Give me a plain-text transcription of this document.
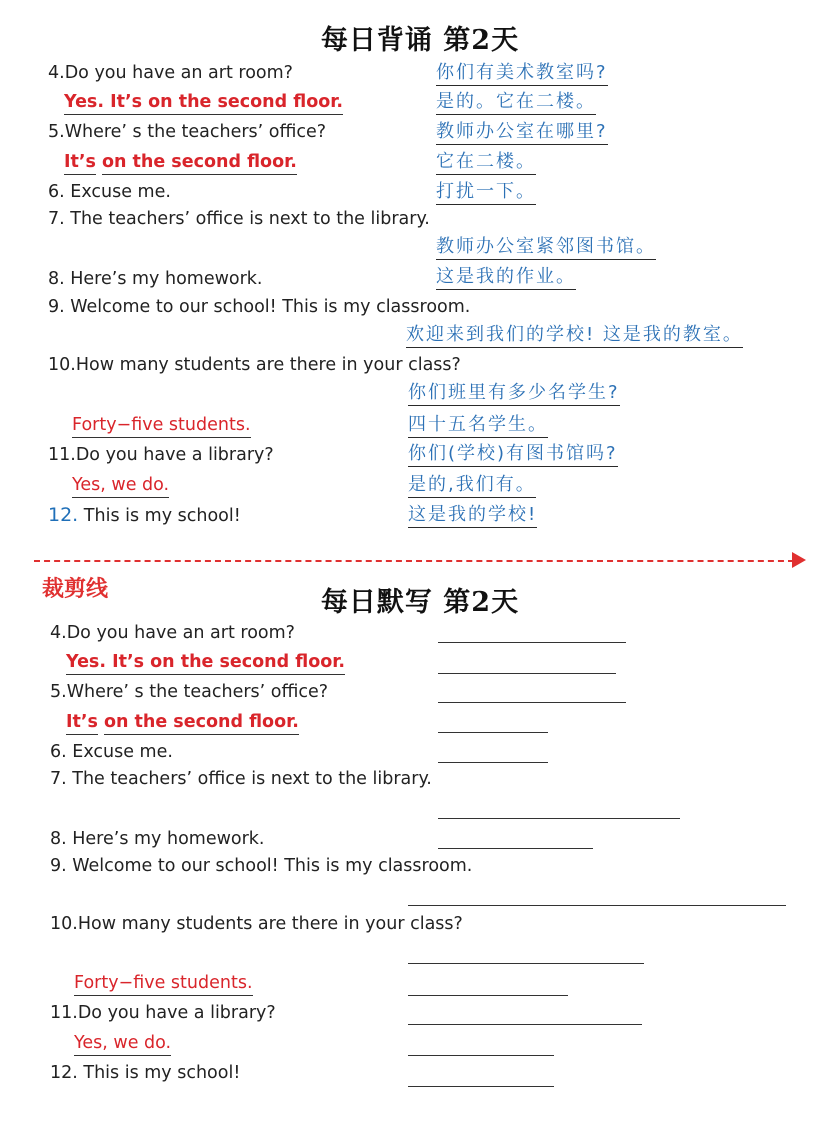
每日背诵 第2天
4.Do you have an art room?	你们有美术教室吗?
Yes. It’s on the second floor.	是的。它在二楼。
5.Where’ s the teachers’ office?	教师办公室在哪里?
It’s on the second floor.	它在二楼。
6. Excuse me.	打扰一下。
7. The teachers’ office is next to the library.
教师办公室紧邻图书馆。
8. Here’s my homework.	这是我的作业。
9. Welcome to our school! This is my classroom.
欢迎来到我们的学校! 这是我的教室。
10.How many students are there in your class?
你们班里有多少名学生?
Forty−five students.	四十五名学生。
11.Do you have a library?	你们(学校)有图书馆吗?
Yes, we do.	是的,我们有。
12. This is my school!	这是我的学校!
裁剪线	每日默写 第2天
4.Do you have an art room?
Yes. It’s on the second floor.
5.Where’ s the teachers’ office?
It’s on the second floor.
6. Excuse me.
7. The teachers’ office is next to the library.
8. Here’s my homework.
9. Welcome to our school! This is my classroom.
10.How many students are there in your class?
Forty−five students.
11.Do you have a library?
Yes, we do.
12. This is my school!
